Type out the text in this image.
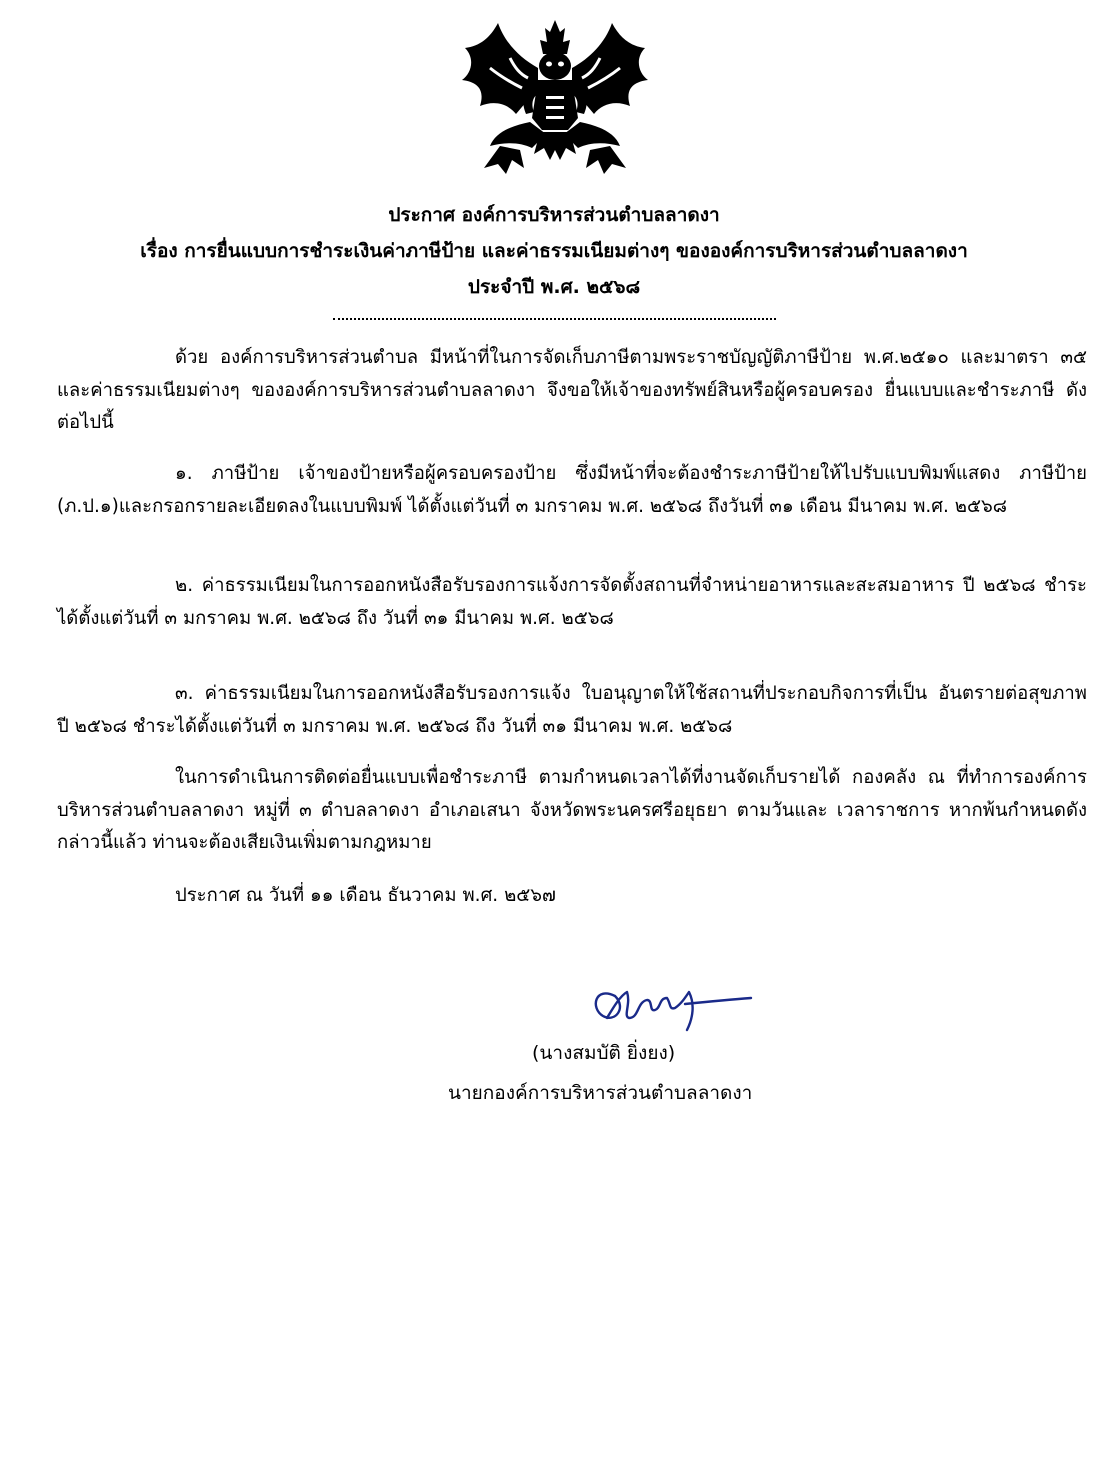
ประกาศ องค์การบริหารส่วนตำบลลาดงา
เรื่อง การยื่นแบบการชำระเงินค่าภาษีป้าย และค่าธรรมเนียมต่างๆ ขององค์การบริหารส่วนตำบลลาดงา
ประจำปี พ.ศ. ๒๕๖๘
ด้วย องค์การบริหารส่วนตำบล มีหน้าที่ในการจัดเก็บภาษีตามพระราชบัญญัติภาษีป้าย พ.ศ.๒๕๑๐ และมาตรา ๓๕ และค่าธรรมเนียมต่างๆ ขององค์การบริหารส่วนตำบลลาดงา จึงขอให้เจ้าของทรัพย์สินหรือผู้ครอบครอง ยื่นแบบและชำระภาษี ดังต่อไปนี้
๑. ภาษีป้าย เจ้าของป้ายหรือผู้ครอบครองป้าย ซึ่งมีหน้าที่จะต้องชำระภาษีป้ายให้ไปรับแบบพิมพ์แสดง ภาษีป้าย (ภ.ป.๑)และกรอกรายละเอียดลงในแบบพิมพ์ ได้ตั้งแต่วันที่ ๓ มกราคม พ.ศ. ๒๕๖๘ ถึงวันที่ ๓๑ เดือน มีนาคม พ.ศ. ๒๕๖๘
๒. ค่าธรรมเนียมในการออกหนังสือรับรองการแจ้งการจัดตั้งสถานที่จำหน่ายอาหารและสะสมอาหาร ปี ๒๕๖๘ ชำระได้ตั้งแต่วันที่ ๓ มกราคม พ.ศ. ๒๕๖๘ ถึง วันที่ ๓๑ มีนาคม พ.ศ. ๒๕๖๘
๓. ค่าธรรมเนียมในการออกหนังสือรับรองการแจ้ง ใบอนุญาตให้ใช้สถานที่ประกอบกิจการที่เป็น อันตรายต่อสุขภาพ ปี ๒๕๖๘ ชำระได้ตั้งแต่วันที่ ๓ มกราคม พ.ศ. ๒๕๖๘ ถึง วันที่ ๓๑ มีนาคม พ.ศ. ๒๕๖๘
ในการดำเนินการติดต่อยื่นแบบเพื่อชำระภาษี ตามกำหนดเวลาได้ที่งานจัดเก็บรายได้ กองคลัง ณ ที่ทำการองค์การบริหารส่วนตำบลลาดงา หมู่ที่ ๓ ตำบลลาดงา อำเภอเสนา จังหวัดพระนครศรีอยุธยา ตามวันและ เวลาราชการ หากพ้นกำหนดดังกล่าวนี้แล้ว ท่านจะต้องเสียเงินเพิ่มตามกฎหมาย
ประกาศ ณ วันที่ ๑๑ เดือน ธันวาคม พ.ศ. ๒๕๖๗
(นางสมบัติ ยิ่งยง)
นายกองค์การบริหารส่วนตำบลลาดงา
